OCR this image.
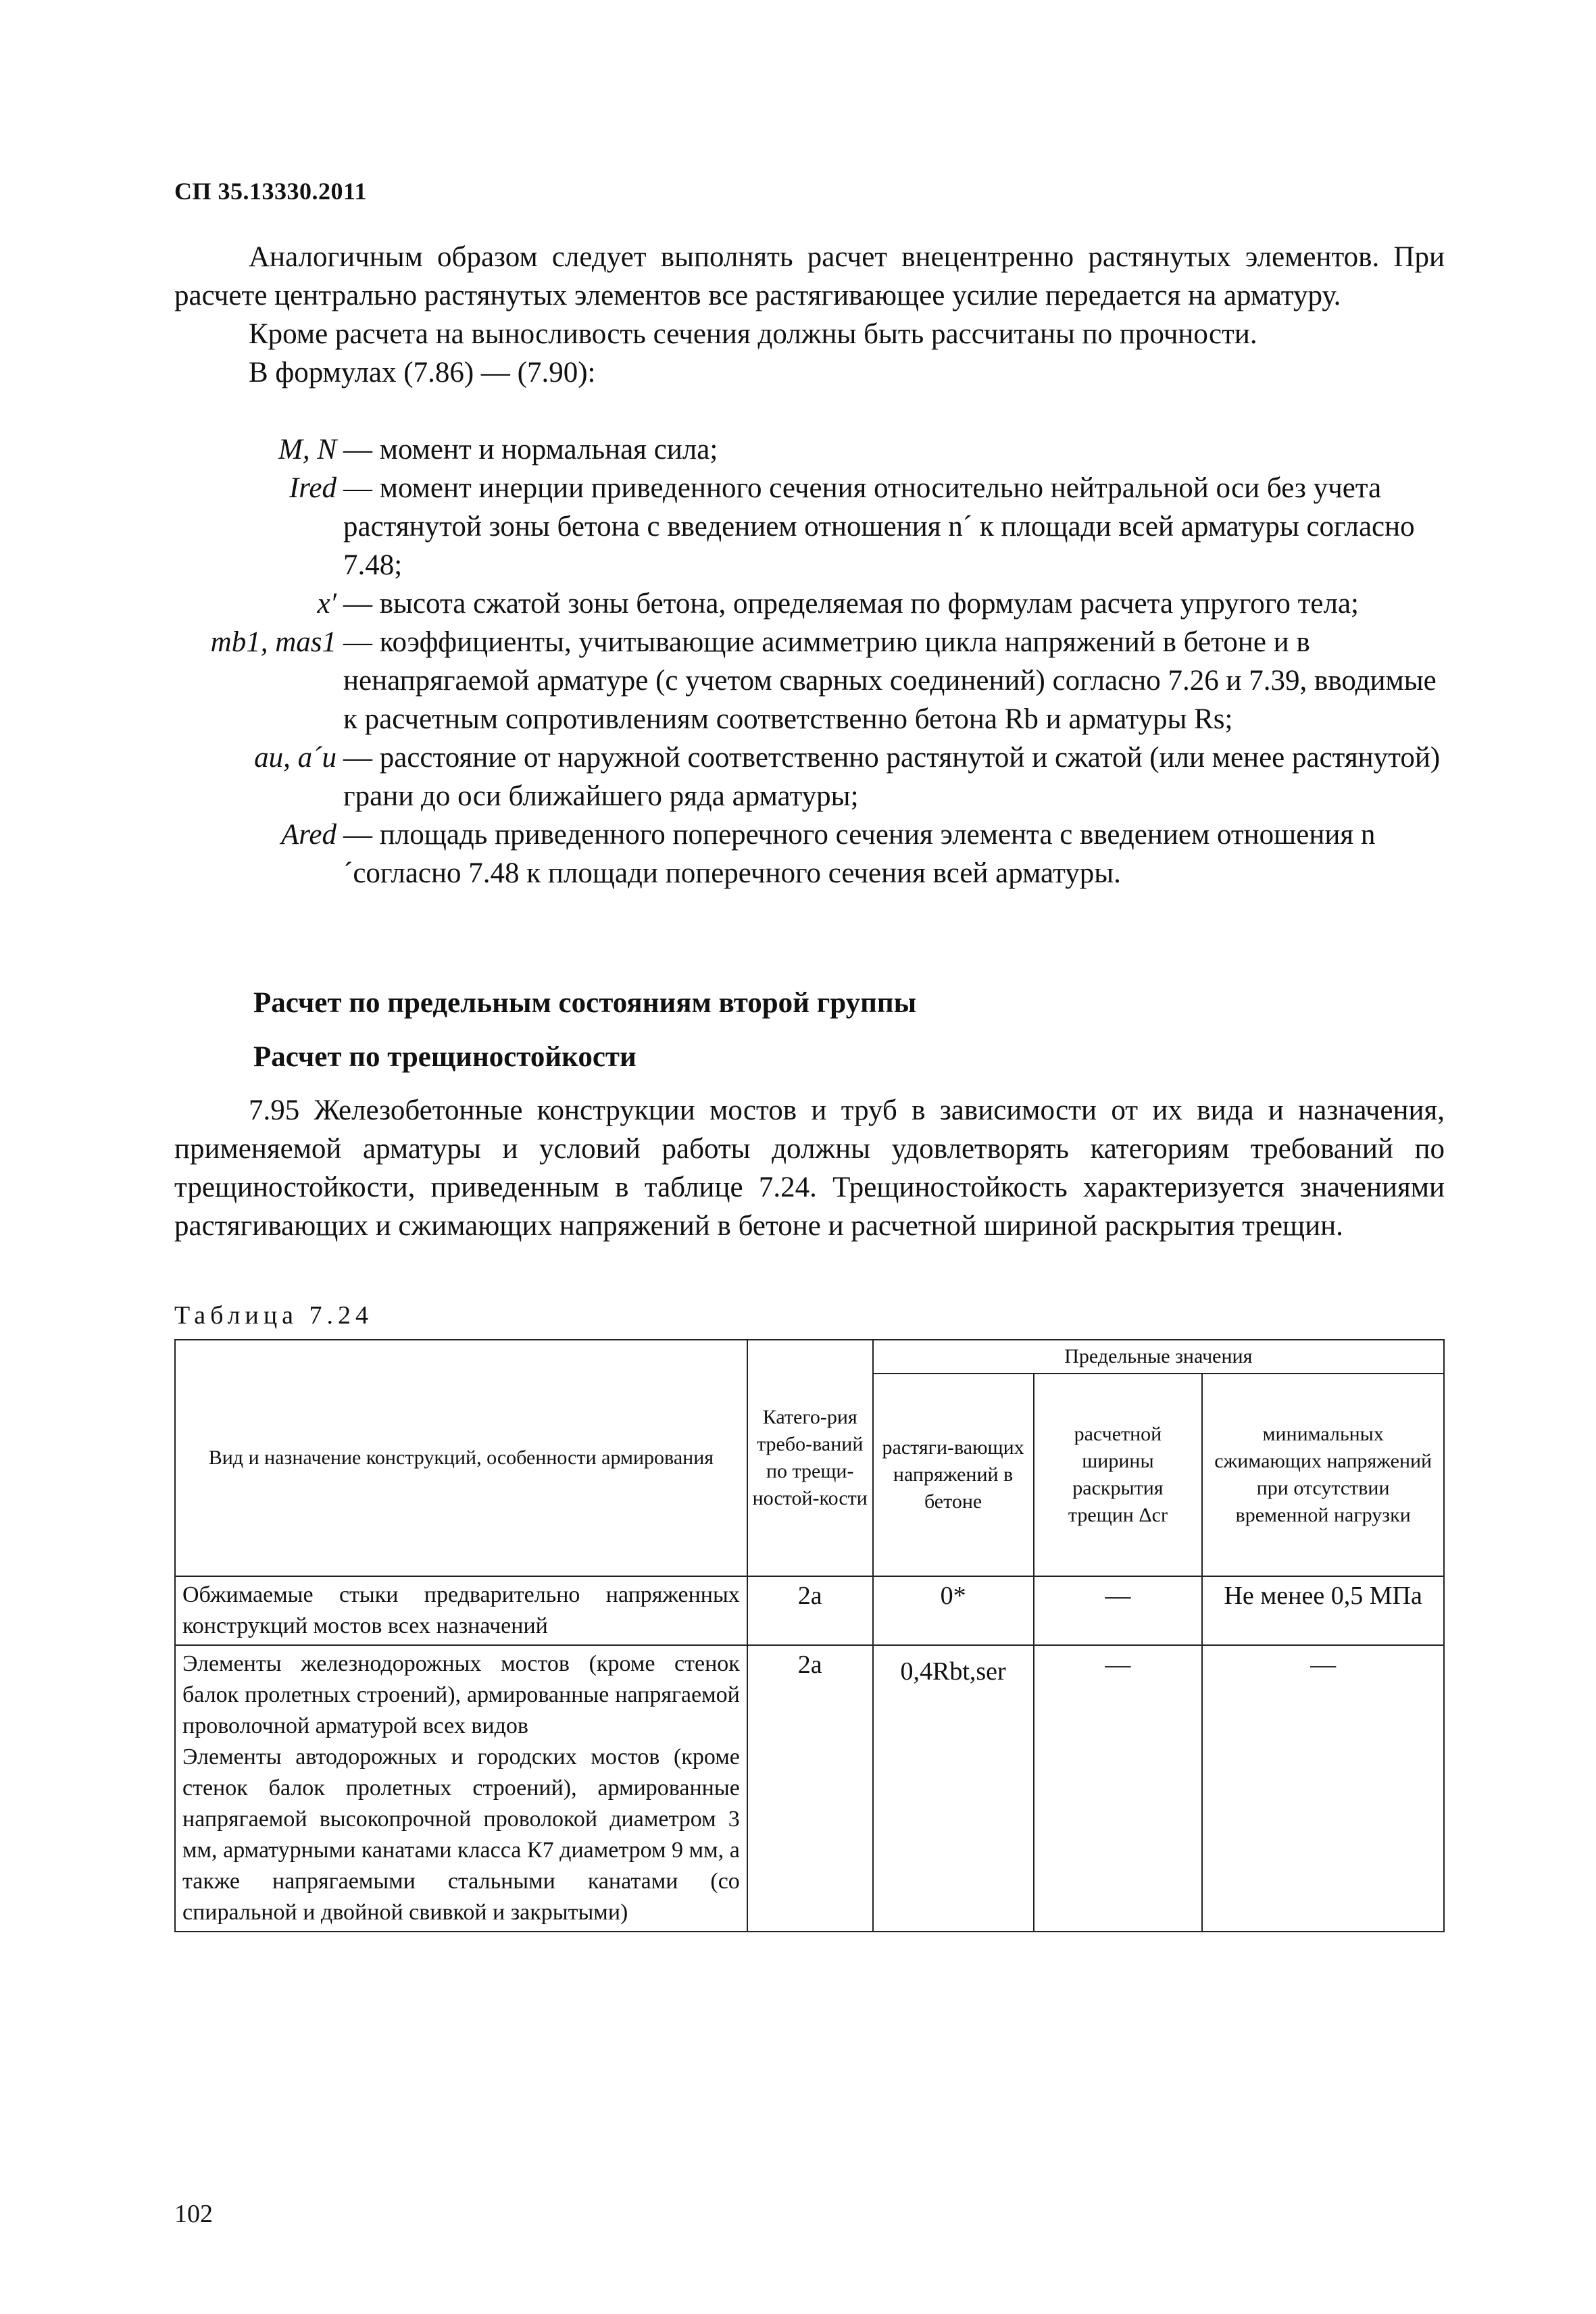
СП 35.13330.2011

Аналогичным образом следует выполнять расчет внецентренно растянутых элементов. При расчете центрально растянутых элементов все растягивающее усилие передается на арматуру.

Кроме расчета на выносливость сечения должны быть рассчитаны по прочности.

В формулах (7.86) — (7.90):

M, N — момент и нормальная сила;

Ired — момент инерции приведенного сечения относительно нейтральной оси без учета растянутой зоны бетона с введением отношения n´ к площади всей арматуры согласно 7.48;

x′ — высота сжатой зоны бетона, определяемая по формулам расчета упругого тела;

mb1, mas1 — коэффициенты, учитывающие асимметрию цикла напряжений в бетоне и в ненапрягаемой арматуре (с учетом сварных соединений) согласно 7.26 и 7.39, вводимые к расчетным сопротивлениям соответственно бетона Rb и арматуры Rs;

au, a´u — расстояние от наружной соответственно растянутой и сжатой (или менее растянутой) грани до оси ближайшего ряда арматуры;

Ared — площадь приведенного поперечного сечения элемента с введением отношения n´согласно 7.48 к площади поперечного сечения всей арматуры.

Расчет по предельным состояниям второй группы
Расчет по трещиностойкости

7.95 Железобетонные конструкции мостов и труб в зависимости от их вида и назначения, применяемой арматуры и условий работы должны удовлетворять категориям требований по трещиностойкости, приведенным в таблице 7.24. Трещиностойкость характеризуется значениями растягивающих и сжимающих напряжений в бетоне и расчетной шириной раскрытия трещин.

Таблица 7.24
Вид и назначение конструкций, особенности армирования	Катего-рия требо-ваний по трещи-ностой-кости	Предельные значения		
		растяги-вающих напряжений в бетоне	расчетной ширины раскрытия трещин Δcr	минимальных сжимающих напряжений при отсутствии временной нагрузки
Обжимаемые стыки предварительно напряженных конструкций мостов всех назначений	2а	0*	—	Не менее 0,5 МПа

Элементы железнодорожных мостов (кроме стенок балок пролетных строений), армированные напрягаемой проволочной арматурой всех видов
Элементы автодорожных и городских мостов (кроме стенок балок пролетных строений), армированные напрягаемой высокопрочной проволокой диаметром 3 мм, арматурными канатами класса К7 диаметром 9 мм, а также напрягаемыми стальными канатами (со спиральной и двойной свивкой и закрытыми)	2а	0,4Rbt,ser	—	—
102
